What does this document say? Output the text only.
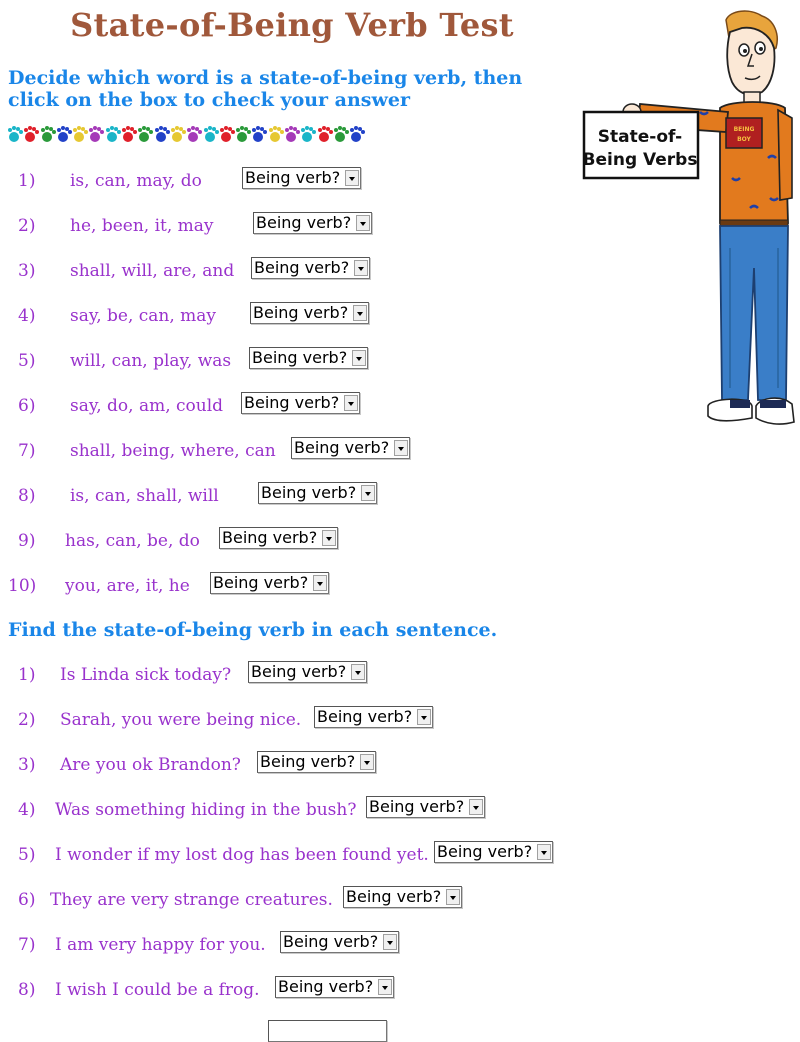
State-of-Being Verb Test
Decide which word is a state-of-being verb, then
click on the box to check your answer
Find the state-of-being verb in each sentence.
1) is, can, may, do	Being verb?
2) he, been, it, may	Being verb?
3) shall, will, are, and Being verb?
4) say, be, can, may Being verb?
5) will, can, play, was Being verb?
6) say, do, am, could Being verb?
7) shall, being, where, can Being verb?
8) is, can, shall, will	Being verb?
9) has, can, be, do Being verb?
10) you, are, it, he Being verb?
1) Is Linda sick today? Being verb?
2) Sarah, you were being nice. Being verb?
3) Are you ok Brandon? Being verb?
4) Was something hiding in the bush? Being verb?
5) I wonder if my lost dog has been found yet. Being verb?
6) They are very strange creatures. Being verb?
7) I am very happy for you. Being verb?
8) I wish I could be a frog. Being verb?
BEING
BOY
State-of-
Being Verbs
